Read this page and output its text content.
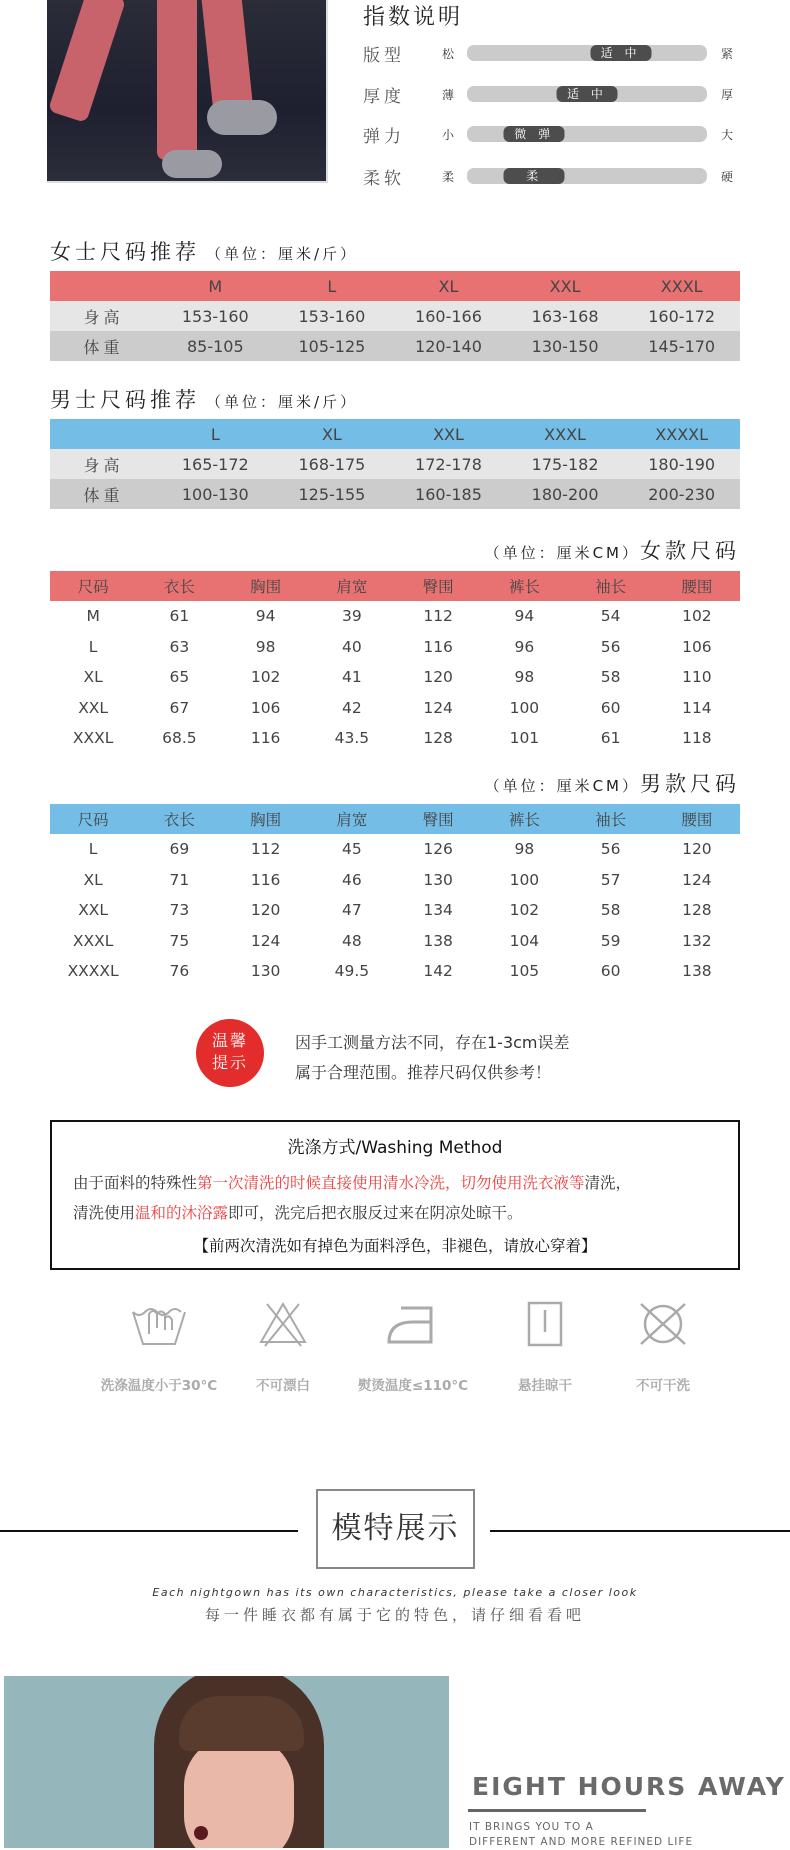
指数说明
版型	松	适 中	紧
厚度	薄	适 中	厚
弹力	小	微 弹	大
柔软	柔	柔	硬
女士尺码推荐 （单位：厘米/斤）
	M	L	XL	XXL	XXXL
身高	153-160	153-160	160-166	163-168	160-172
体重	85-105	105-125	120-140	130-150	145-170
男士尺码推荐 （单位：厘米/斤）
	L	XL	XXL	XXXL	XXXXL
身高	165-172	168-175	172-178	175-182	180-190
体重	100-130	125-155	160-185	180-200	200-230
（单位：厘米CM）女款尺码
尺码	衣长	胸围	肩宽	臀围	裤长	袖长	腰围
M	61	94	39	112	94	54	102
L	63	98	40	116	96	56	106
XL	65	102	41	120	98	58	110
XXL	67	106	42	124	100	60	114
XXXL	68.5	116	43.5	128	101	61	118
（单位：厘米CM）男款尺码
尺码	衣长	胸围	肩宽	臀围	裤长	袖长	腰围
L	69	112	45	126	98	56	120
XL	71	116	46	130	100	57	124
XXL	73	120	47	134	102	58	128
XXXL	75	124	48	138	104	59	132
XXXXL	76	130	49.5	142	105	60	138
温馨
提示
因手工测量方法不同，存在1-3cm误差
属于合理范围。推荐尺码仅供参考！
洗涤方式/Washing Method
由于面料的特殊性第一次清洗的时候直接使用清水冷洗，切勿使用洗衣液等清洗，
清洗使用温和的沐浴露即可，洗完后把衣服反过来在阴凉处晾干。
【前两次清洗如有掉色为面料浮色，非褪色，请放心穿着】
洗涤温度小于30°C	不可漂白	熨烫温度≤110°C	悬挂晾干	不可干洗
模特展示
Each nightgown has its own characteristics, please take a closer look
每一件睡衣都有属于它的特色，请仔细看看吧
EIGHT HOURS AWAY
IT BRINGS YOU TO A
DIFFERENT AND MORE REFINED LIFE
